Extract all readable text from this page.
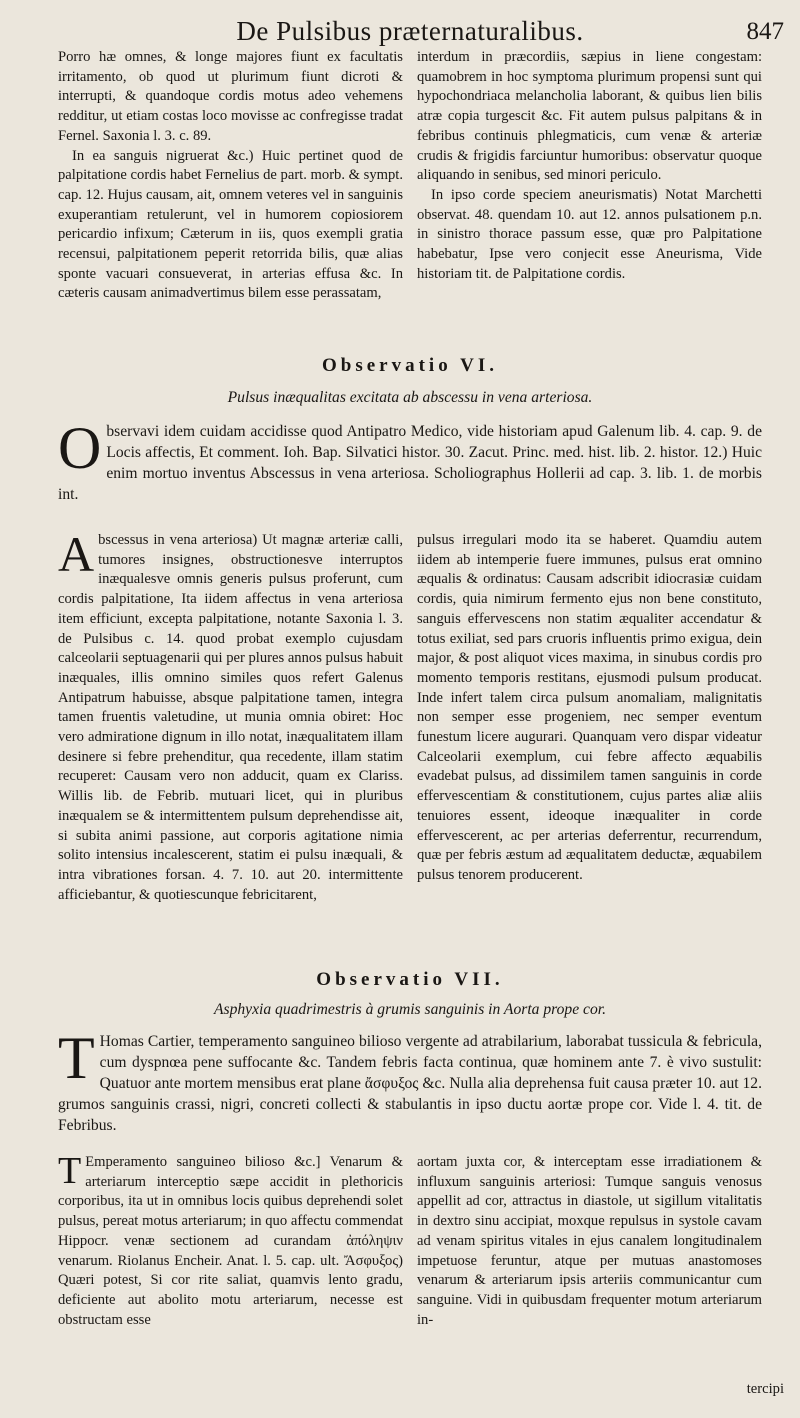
De Pulsibus præternaturalibus.	847

Porro hæ omnes, & longe majores fiunt ex facultatis irritamento, ob quod ut plurimum fiunt dicroti & interrupti, & quandoque cordis motus adeo vehemens redditur, ut etiam costas loco movisse ac confregisse tradat Fernel. Saxonia l. 3. c. 89.

In ea sanguis nigruerat &c.) Huic pertinet quod de palpitatione cordis habet Fernelius de part. morb. & sympt. cap. 12. Hujus causam, ait, omnem veteres vel in sanguinis exuperantiam retulerunt, vel in humorem copiosiorem pericardio infixum; Cæterum in iis, quos exempli gratia recensui, palpitationem peperit retorrida bilis, quæ alias sponte vacuari consueverat, in arterias effusa &c. In cæteris causam animadvertimus bilem esse perassatam,

interdum in præcordiis, sæpius in liene congestam: quamobrem in hoc symptoma plurimum propensi sunt qui hypochondriaca melancholia laborant, & quibus lien bilis atræ copia turgescit &c. Fit autem pulsus palpitans & in febribus continuis phlegmaticis, cum venæ & arteriæ crudis & frigidis farciuntur humoribus: observatur quoque aliquando in senibus, sed minori periculo.

In ipso corde speciem aneurismatis) Notat Marchetti observat. 48. quendam 10. aut 12. annos pulsationem p.n. in sinistro thorace passum esse, quæ pro Palpitatione habebatur, Ipse vero conjecit esse Aneurisma, Vide historiam tit. de Palpitatione cordis.

Observatio VI.

Pulsus inæqualitas excitata ab abscessu in vena arteriosa.

O bservavi idem cuidam accidisse quod Antipatro Medico, vide historiam apud Galenum lib. 4. cap. 9. de Locis affectis, Et comment. Ioh. Bap. Silvatici histor. 30. Zacut. Princ. med. hist. lib. 2. histor. 12.) Huic enim mortuo inventus Abscessus in vena arteriosa. Scholiographus Hollerii ad cap. 3. lib. 1. de morbis int.

Abscessus in vena arteriosa) Ut magnæ arteriæ calli, tumores insignes, obstructionesve interruptos inæqualesve omnis generis pulsus proferunt, cum cordis palpitatione, Ita iidem affectus in vena arteriosa item efficiunt, excepta palpitatione, notante Saxonia l. 3. de Pulsibus c. 14. quod probat exemplo cujusdam calceolarii septuagenarii qui per plures annos pulsus habuit inæquales, illis omnino similes quos refert Galenus Antipatrum habuisse, absque palpitatione tamen, integra tamen fruentis valetudine, ut munia omnia obiret: Hoc vero admiratione dignum in illo notat, inæqualitatem illam desinere si febre prehenditur, qua recedente, illam statim recuperet: Causam vero non adducit, quam ex Clariss. Willis lib. de Febrib. mutuari licet, qui in pluribus inæqualem se & intermittentem pulsum deprehendisse ait, si subita animi passione, aut corporis agitatione nimia solito intensius incalescerent, statim ei pulsu inæquali, & intra vibrationes forsan. 4. 7. 10. aut 20. intermittente afficiebantur, & quotiescunque febricitarent,

pulsus irregulari modo ita se haberet. Quamdiu autem iidem ab intemperie fuere immunes, pulsus erat omnino æqualis & ordinatus: Causam adscribit idiocrasiæ cuidam cordis, quia nimirum fermento ejus non bene constituto, sanguis effervescens non statim æqualiter accendatur & totus exiliat, sed pars cruoris influentis primo exigua, dein major, & post aliquot vices maxima, in sinubus cordis pro momento temporis restitans, ejusmodi pulsum producat. Inde infert talem circa pulsum anomaliam, malignitatis non semper esse progeniem, nec semper eventum funestum licere augurari. Quanquam vero dispar videatur Calceolarii exemplum, cui febre affecto æquabilis evadebat pulsus, ad dissimilem tamen sanguinis in corde effervescentiam & constitutionem, cujus partes aliæ aliis tenuiores essent, ideoque inæqualiter in corde effervescerent, ac per arterias deferrentur, recurrendum, quæ per febris æstum ad æqualitatem deductæ, æquabilem pulsus tenorem producerent.

Observatio VII.

Asphyxia quadrimestris à grumis sanguinis in Aorta prope cor.

T Homas Cartier, temperamento sanguineo bilioso vergente ad atrabilarium, laborabat tussicula & febricula, cum dyspnœa pene suffocante &c. Tandem febris facta continua, quæ hominem ante 7. è vivo sustulit: Quatuor ante mortem mensibus erat plane ἄσφυξος &c. Nulla alia deprehensa fuit causa præter 10. aut 12. grumos sanguinis crassi, nigri, concreti collecti & stabulantis in ipso ductu aortæ prope cor. Vide l. 4. tit. de Febribus.

T Emperamento sanguineo bilioso &c.] Venarum & arteriarum interceptio sæpe accidit in plethoricis corporibus, ita ut in omnibus locis quibus deprehendi solet pulsus, pereat motus arteriarum; in quo affectu commendat Hippocr. venæ sectionem ad curandam ἀπόληψιν venarum. Riolanus Encheir. Anat. l. 5. cap. ult. Ἄσφυξος) Quæri potest, Si cor rite saliat, quamvis lento gradu, deficiente aut abolito motu arteriarum, necesse est obstructam esse

aortam juxta cor, & interceptam esse irradiationem & influxum sanguinis arteriosi: Tumque sanguis venosus appellit ad cor, attractus in diastole, ut sigillum vitalitatis in dextro sinu accipiat, moxque repulsus in systole cavam ad venam spiritus vitales in ejus canalem longitudinalem impetuose feruntur, atque per mutuas anastomoses venarum & arteriarum ipsis arteriis communicantur cum sanguine. Vidi in quibusdam frequenter motum arteriarum in-

tercipi
